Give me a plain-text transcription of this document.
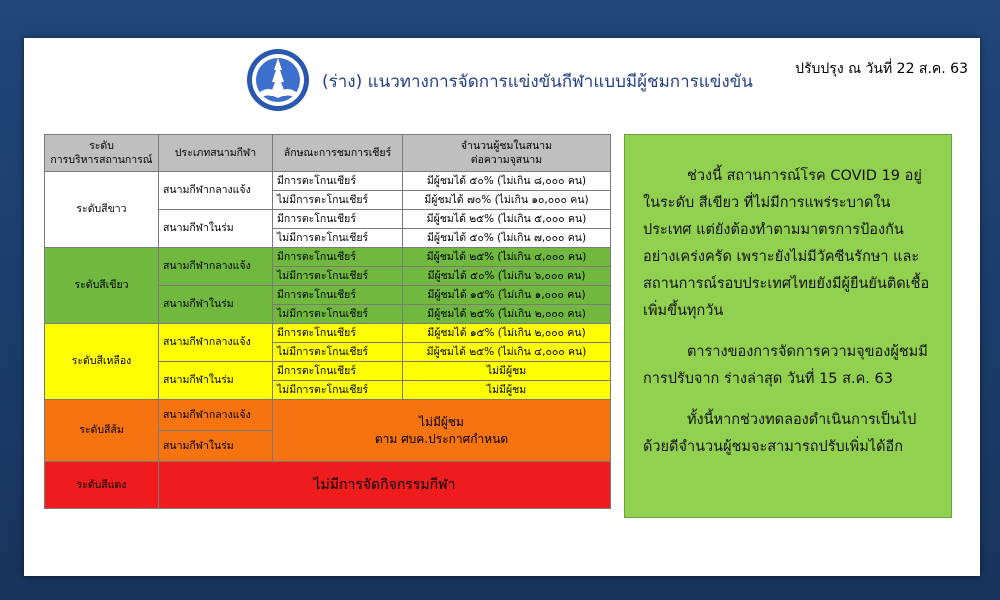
(ร่าง) แนวทางการจัดการแข่งขันกีฬาแบบมีผู้ชมการแข่งขัน
ปรับปรุง ณ วันที่ 22 ส.ค. 63
ระดับ
การบริหารสถานการณ์	ประเภทสนามกีฬา	ลักษณะการชมการเชียร์	จำนวนผู้ชมในสนาม
ต่อความจุสนาม
ระดับสีขาว	สนามกีฬากลางแจ้ง	มีการตะโกนเชียร์	มีผู้ชมได้ ๕๐% (ไม่เกิน ๘,๐๐๐ คน)
		ไม่มีการตะโกนเชียร์	มีผู้ชมได้ ๗๐% (ไม่เกิน ๑๐,๐๐๐ คน)
	สนามกีฬาในร่ม	มีการตะโกนเชียร์	มีผู้ชมได้ ๒๕% (ไม่เกิน ๕,๐๐๐ คน)
		ไม่มีการตะโกนเชียร์	มีผู้ชมได้ ๕๐% (ไม่เกิน ๗,๐๐๐ คน)
ระดับสีเขียว	สนามกีฬากลางแจ้ง	มีการตะโกนเชียร์	มีผู้ชมได้ ๒๕% (ไม่เกิน ๔,๐๐๐ คน)
		ไม่มีการตะโกนเชียร์	มีผู้ชมได้ ๕๐% (ไม่เกิน ๖,๐๐๐ คน)
	สนามกีฬาในร่ม	มีการตะโกนเชียร์	มีผู้ชมได้ ๑๕% (ไม่เกิน ๑,๐๐๐ คน)
		ไม่มีการตะโกนเชียร์	มีผู้ชมได้ ๒๕% (ไม่เกิน ๒,๐๐๐ คน)
ระดับสีเหลือง	สนามกีฬากลางแจ้ง	มีการตะโกนเชียร์	มีผู้ชมได้ ๑๕% (ไม่เกิน ๒,๐๐๐ คน)
		ไม่มีการตะโกนเชียร์	มีผู้ชมได้ ๒๕% (ไม่เกิน ๔,๐๐๐ คน)
	สนามกีฬาในร่ม	มีการตะโกนเชียร์	ไม่มีผู้ชม
		ไม่มีการตะโกนเชียร์	ไม่มีผู้ชม
ระดับสีส้ม	สนามกีฬากลางแจ้ง	ไม่มีผู้ชม
ตาม ศบค.ประกาศกำหนด	

	สนามกีฬาในร่ม		
ระดับสีแดง	ไม่มีการจัดกิจกรรมกีฬา		

ช่วงนี้ สถานการณ์โรค COVID 19 อยู่ในระดับ สีเขียว ที่ไม่มีการแพร่ระบาดในประเทศ แต่ยังต้องทำตามมาตรการป้องกันอย่างเคร่งครัด เพราะยังไม่มีวัคซีนรักษา และ สถานการณ์รอบประเทศไทยยังมีผู้ยืนยันติดเชื้อเพิ่มขึ้นทุกวัน

ตารางของการจัดการความจุของผู้ชมมีการปรับจาก ร่างล่าสุด วันที่ 15 ส.ค. 63

ทั้งนี้หากช่วงทดลองดำเนินการเป็นไปด้วยดีจำนวนผู้ชมจะสามารถปรับเพิ่มได้อีก
